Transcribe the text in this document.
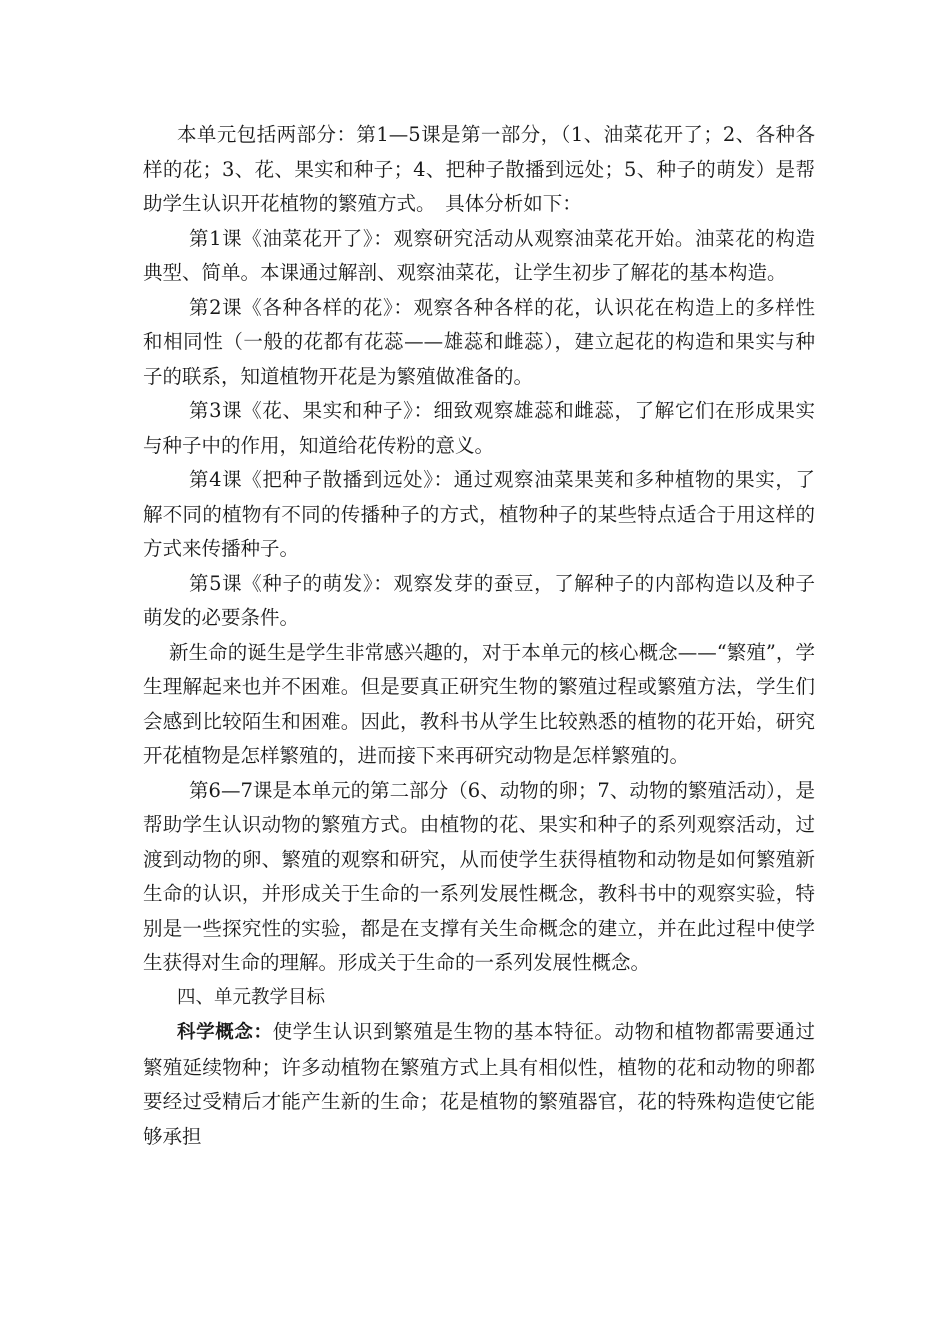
本单元包括两部分：第1—5课是第一部分，（1、油菜花开了；2、各种各样的花；3、花、果实和种子；4、把种子散播到远处；5、种子的萌发）是帮助学生认识开花植物的繁殖方式。　具体分析如下：

第1课《油菜花开了》：观察研究活动从观察油菜花开始。油菜花的构造典型、简单。本课通过解剖、观察油菜花，让学生初步了解花的基本构造。

第2课《各种各样的花》：观察各种各样的花，认识花在构造上的多样性和相同性（一般的花都有花蕊——雄蕊和雌蕊），建立起花的构造和果实与种子的联系，知道植物开花是为繁殖做准备的。

第3课《花、果实和种子》：细致观察雄蕊和雌蕊，了解它们在形成果实与种子中的作用，知道给花传粉的意义。

第4课《把种子散播到远处》：通过观察油菜果荚和多种植物的果实，了解不同的植物有不同的传播种子的方式，植物种子的某些特点适合于用这样的方式来传播种子。

第5课《种子的萌发》：观察发芽的蚕豆，了解种子的内部构造以及种子萌发的必要条件。

新生命的诞生是学生非常感兴趣的，对于本单元的核心概念——“繁殖”，学生理解起来也并不困难。但是要真正研究生物的繁殖过程或繁殖方法，学生们会感到比较陌生和困难。因此，教科书从学生比较熟悉的植物的花开始，研究开花植物是怎样繁殖的，进而接下来再研究动物是怎样繁殖的。

第6—7课是本单元的第二部分（6、动物的卵；7、动物的繁殖活动），是帮助学生认识动物的繁殖方式。由植物的花、果实和种子的系列观察活动，过渡到动物的卵、繁殖的观察和研究，从而使学生获得植物和动物是如何繁殖新生命的认识，并形成关于生命的一系列发展性概念，教科书中的观察实验，特别是一些探究性的实验，都是在支撑有关生命概念的建立，并在此过程中使学生获得对生命的理解。形成关于生命的一系列发展性概念。

四、单元教学目标

科学概念：使学生认识到繁殖是生物的基本特征。动物和植物都需要通过繁殖延续物种；许多动植物在繁殖方式上具有相似性，植物的花和动物的卵都要经过受精后才能产生新的生命；花是植物的繁殖器官，花的特殊构造使它能够承担
